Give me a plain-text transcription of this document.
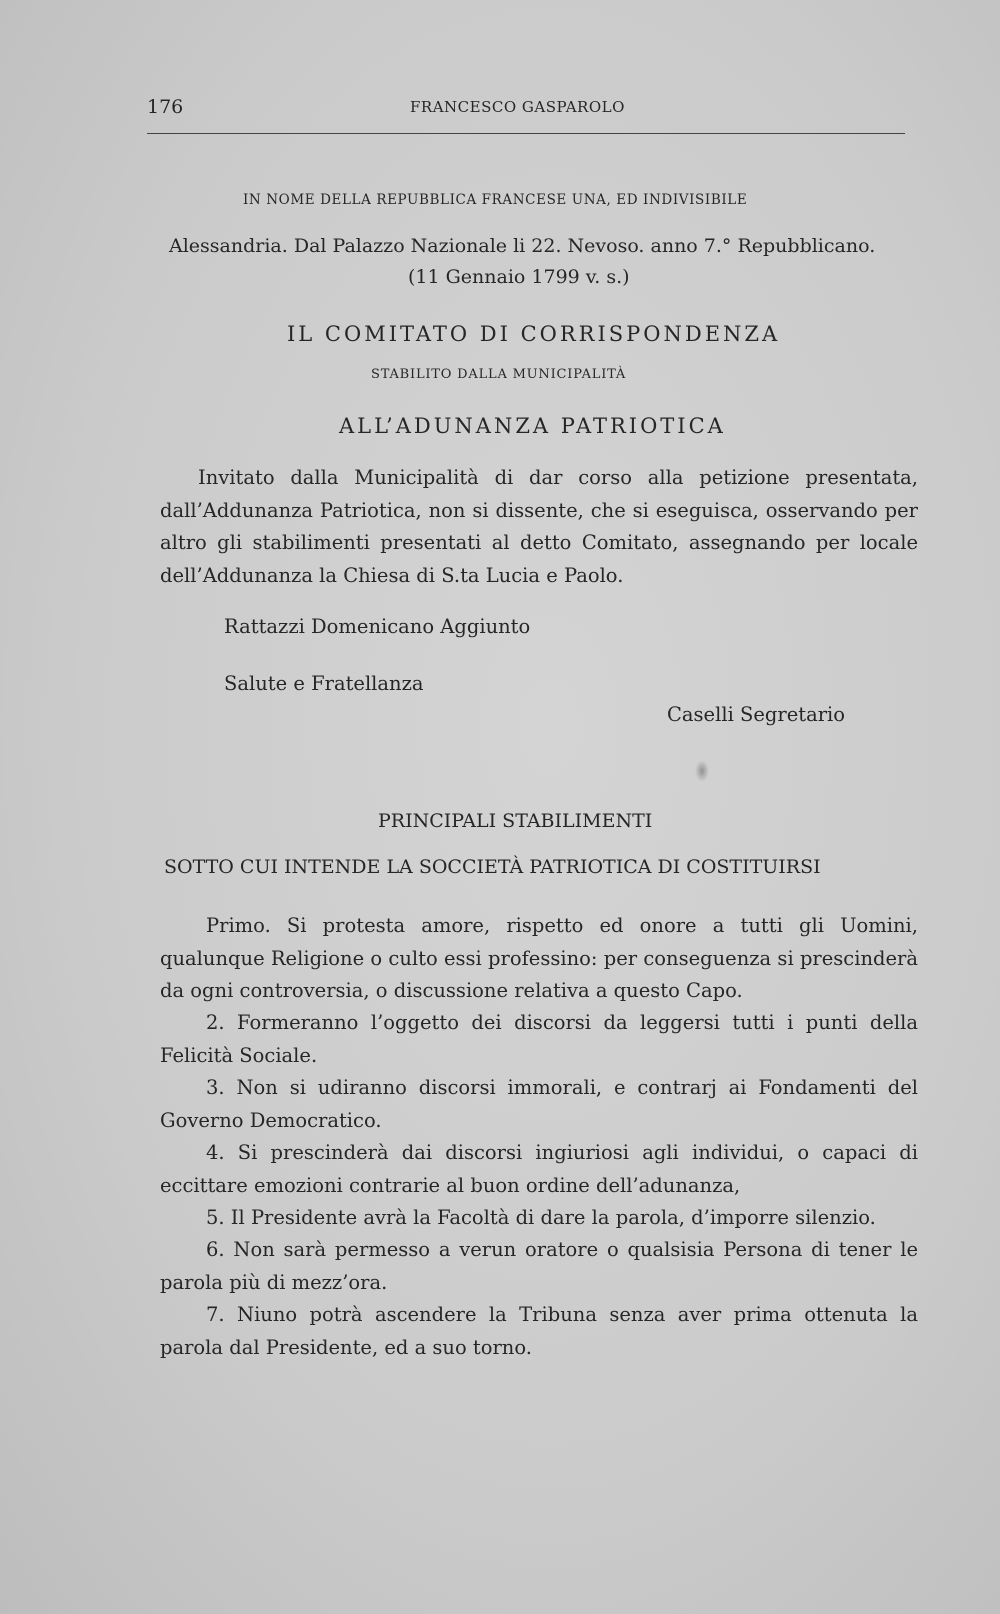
176	FRANCESCO GASPAROLO
IN NOME DELLA REPUBBLICA FRANCESE UNA, ED INDIVISIBILE
Alessandria. Dal Palazzo Nazionale li 22. Nevoso. anno 7.° Repubblicano.
(11 Gennaio 1799 v. s.)
IL COMITATO DI CORRISPONDENZA
STABILITO DALLA MUNICIPALITÀ
ALL’ADUNANZA PATRIOTICA
Invitato dalla Municipalità di dar corso alla petizione presentata, dall’Addunanza Patriotica, non si dissente, che si eseguisca, osservando per altro gli stabilimenti presentati al detto Comitato, assegnando per locale dell’Addunanza la Chiesa di S.ta Lucia e Paolo.
Rattazzi Domenicano Aggiunto
Salute e Fratellanza
Caselli Segretario
PRINCIPALI STABILIMENTI
SOTTO CUI INTENDE LA SOCCIETÀ PATRIOTICA DI COSTITUIRSI
Primo. Si protesta amore, rispetto ed onore a tutti gli Uomini, qualunque Religione o culto essi professino: per conseguenza si prescinderà da ogni controversia, o discussione relativa a questo Capo.
2. Formeranno l’oggetto dei discorsi da leggersi tutti i punti della Felicità Sociale.
3. Non si udiranno discorsi immorali, e contrarj ai Fondamenti del Governo Democratico.
4. Si prescinderà dai discorsi ingiuriosi agli individui, o capaci di eccittare emozioni contrarie al buon ordine dell’adunanza,
5. Il Presidente avrà la Facoltà di dare la parola, d’imporre silenzio.
6. Non sarà permesso a verun oratore o qualsisia Persona di tener le parola più di mezz’ora.
7. Niuno potrà ascendere la Tribuna senza aver prima ottenuta la parola dal Presidente, ed a suo torno.
